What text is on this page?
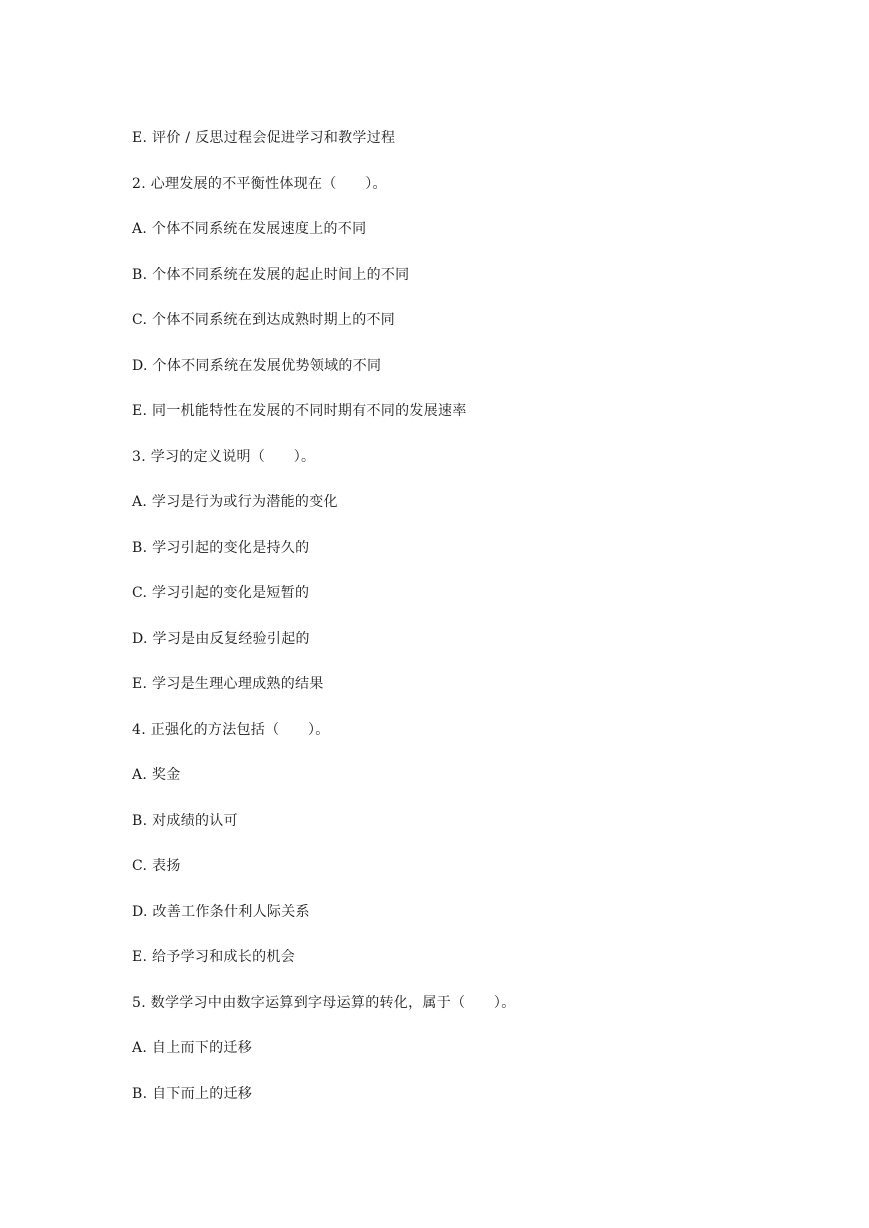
E. 评价 / 反思过程会促进学习和教学过程
2. 心理发展的不平衡性体现在（　　）。
A. 个体不同系统在发展速度上的不同
B. 个体不同系统在发展的起止时间上的不同
C. 个体不同系统在到达成熟时期上的不同
D. 个体不同系统在发展优势领域的不同
E. 同一机能特性在发展的不同时期有不同的发展速率
3. 学习的定义说明（　　）。
A. 学习是行为或行为潜能的变化
B. 学习引起的变化是持久的
C. 学习引起的变化是短暂的
D. 学习是由反复经验引起的
E. 学习是生理心理成熟的结果
4. 正强化的方法包括（　　）。
A. 奖金
B. 对成绩的认可
C. 表扬
D. 改善工作条什利人际关系
E. 给予学习和成长的机会
5. 数学学习中由数字运算到字母运算的转化，属于（　　）。
A. 自上而下的迁移
B. 自下而上的迁移
